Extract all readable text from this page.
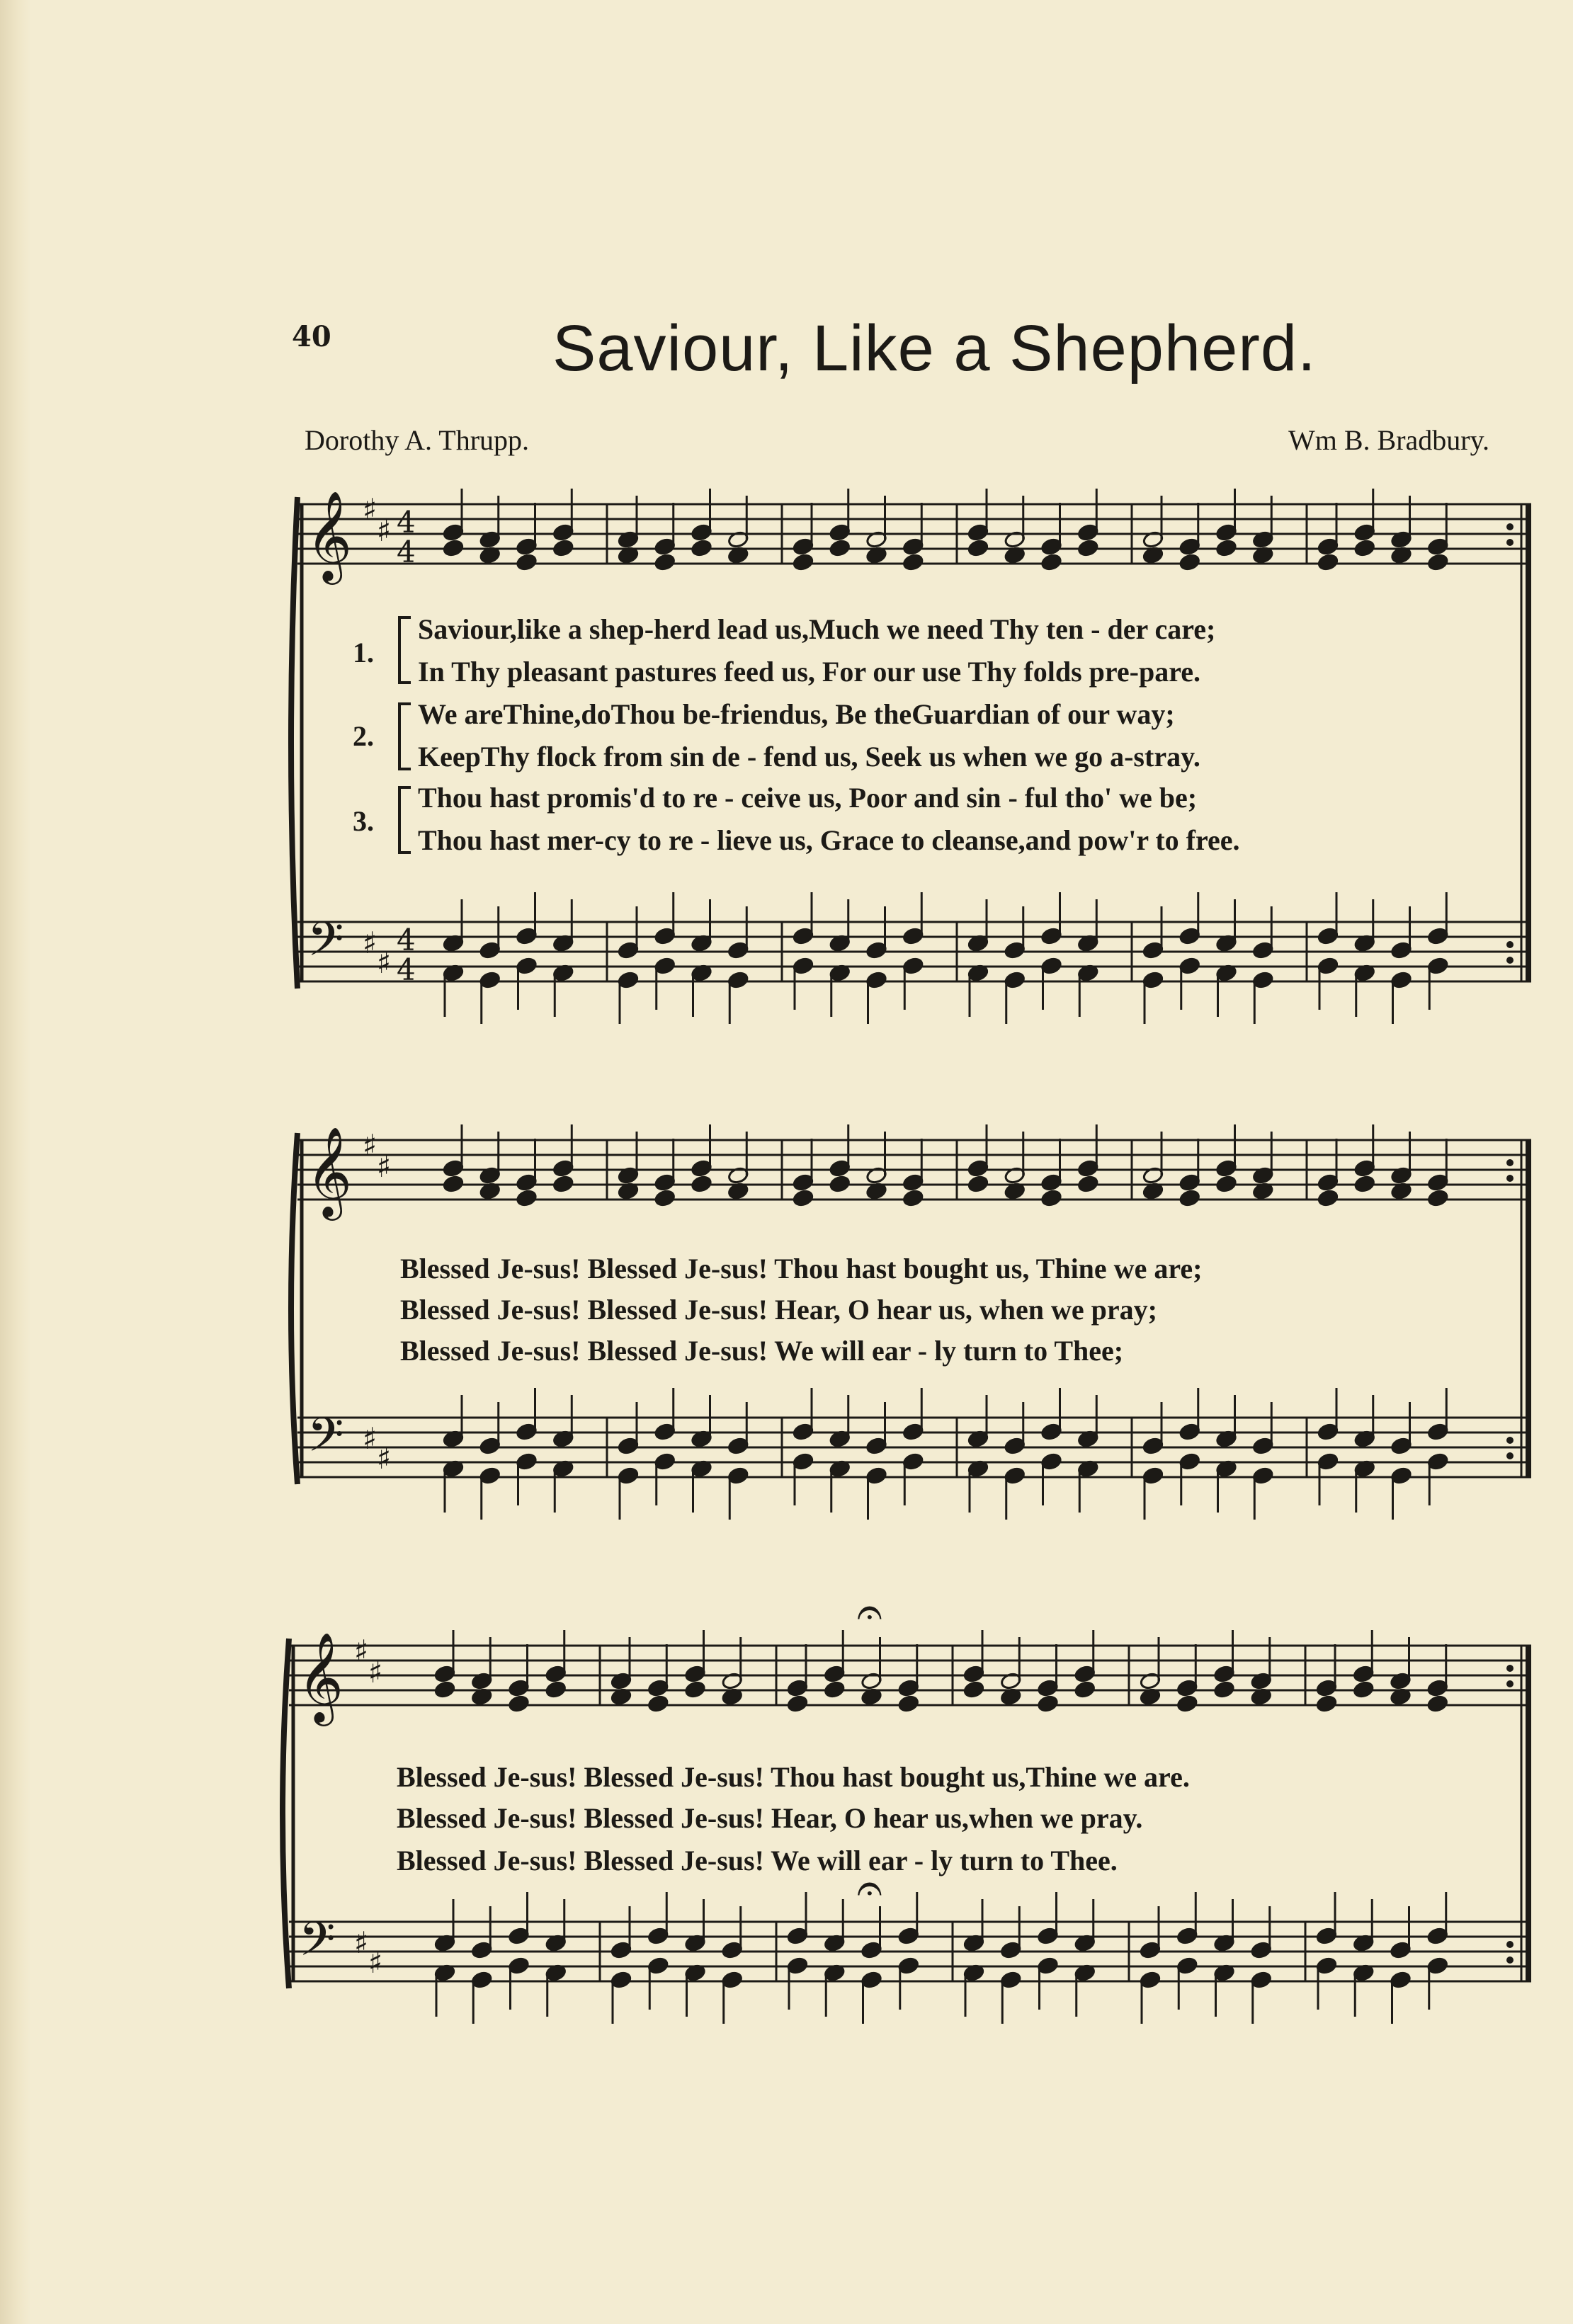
40	Saviour, Like a Shepherd.
Dorothy A. Thrupp.	Wm B. Bradbury.
𝄞
𝄢
♯
♯
♯
♯
4
4
4
4
𝄞
𝄢
♯
♯
♯
♯
𝄞
𝄢
♯
♯
♯
♯
𝄐
𝄐
1.
2.
3.
Saviour,like a shep-herd lead us,Much we need Thy ten - der care;
In Thy pleasant pastures feed us, For our use Thy folds pre-pare.
We areThine,doThou be-friendus, Be theGuardian of our way;
KeepThy flock from sin de - fend us, Seek us when we go a-stray.
Thou hast promis'd to re - ceive us, Poor and sin - ful tho' we be;
Thou hast mer-cy to re - lieve us, Grace to cleanse,and pow'r to free.
Blessed Je-sus! Blessed Je-sus! Thou hast bought us, Thine we are;
Blessed Je-sus! Blessed Je-sus! Hear, O hear us, when we pray;
Blessed Je-sus! Blessed Je-sus! We will ear - ly turn to Thee;
Blessed Je-sus! Blessed Je-sus! Thou hast bought us,Thine we are.
Blessed Je-sus! Blessed Je-sus! Hear, O hear us,when we pray.
Blessed Je-sus! Blessed Je-sus! We will ear - ly turn to Thee.
